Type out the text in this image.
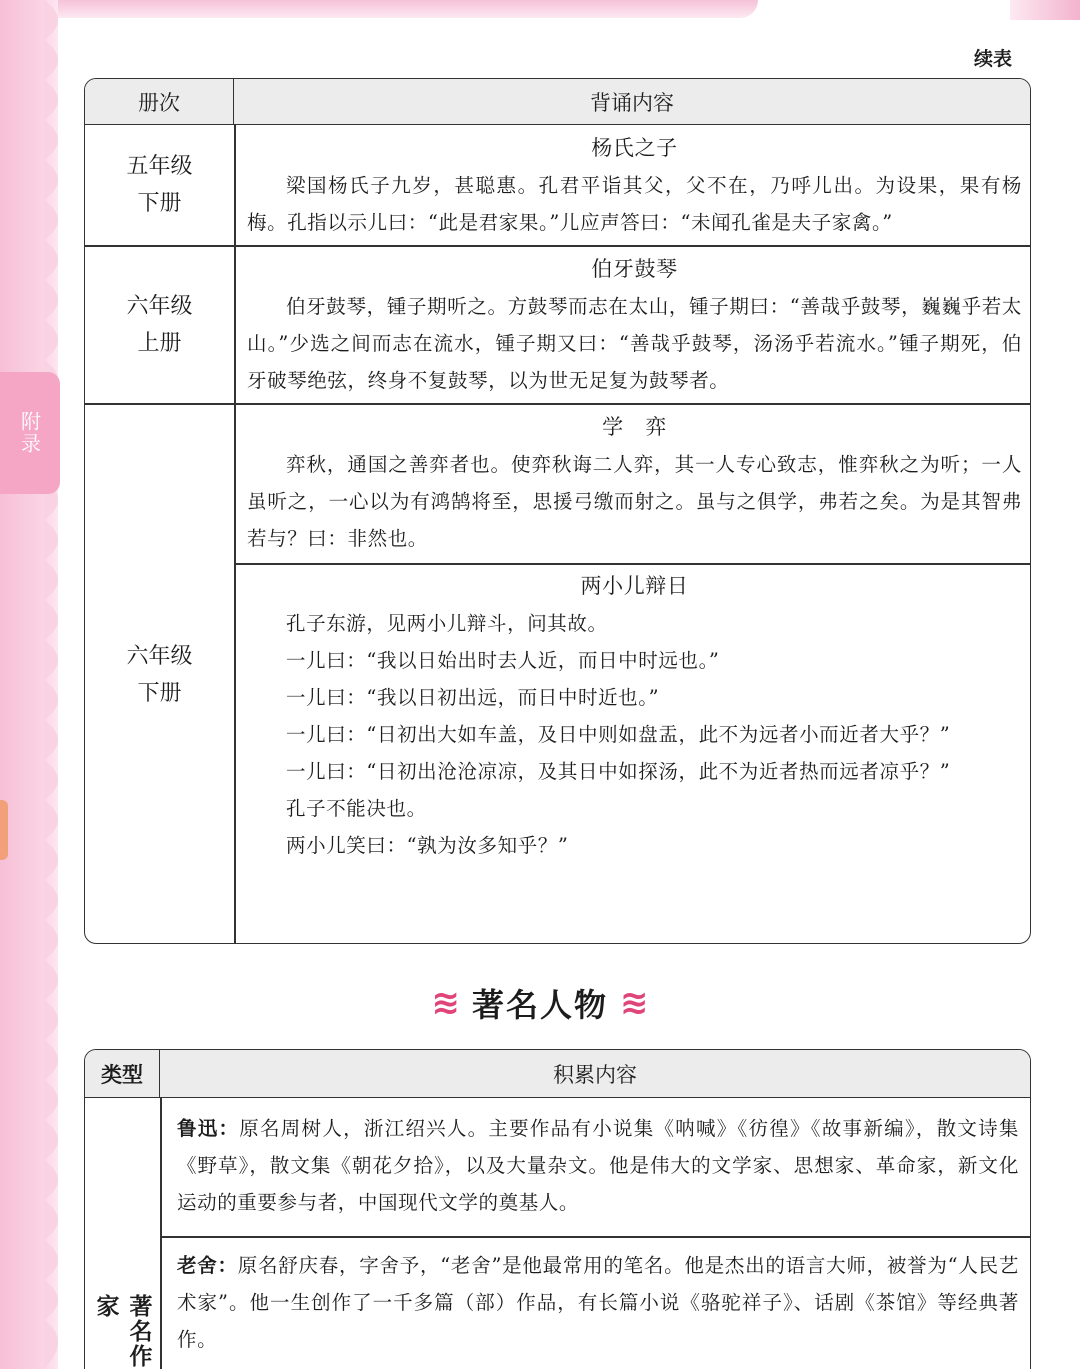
附录
续表
册次	背诵内容
五年级
下册
杨氏之子

梁国杨氏子九岁，甚聪惠。孔君平诣其父，父不在，乃呼儿出。为设果，果有杨梅。孔指以示儿曰：“此是君家果。”儿应声答曰：“未闻孔雀是夫子家禽。”

六年级
上册
伯牙鼓琴

伯牙鼓琴，锺子期听之。方鼓琴而志在太山，锺子期曰：“善哉乎鼓琴，巍巍乎若太山。”少选之间而志在流水，锺子期又曰：“善哉乎鼓琴，汤汤乎若流水。”锺子期死，伯牙破琴绝弦，终身不复鼓琴，以为世无足复为鼓琴者。

六年级
下册
学　弈

弈秋，通国之善弈者也。使弈秋诲二人弈，其一人专心致志，惟弈秋之为听；一人虽听之，一心以为有鸿鹄将至，思援弓缴而射之。虽与之俱学，弗若之矣。为是其智弗若与？曰：非然也。

两小儿辩日

孔子东游，见两小儿辩斗，问其故。

一儿曰：“我以日始出时去人近，而日中时远也。”

一儿曰：“我以日初出远，而日中时近也。”

一儿曰：“日初出大如车盖，及日中则如盘盂，此不为远者小而近者大乎？”

一儿曰：“日初出沧沧凉凉，及其日中如探汤，此不为近者热而远者凉乎？”

孔子不能决也。

两小儿笑曰：“孰为汝多知乎？”

≋ 著名人物 ≋
类型	积累内容
著名作家
鲁迅：原名周树人，浙江绍兴人。主要作品有小说集《呐喊》《彷徨》《故事新编》，散文诗集《野草》，散文集《朝花夕拾》，以及大量杂文。他是伟大的文学家、思想家、革命家，新文化运动的重要参与者，中国现代文学的奠基人。
老舍：原名舒庆春，字舍予，“老舍”是他最常用的笔名。他是杰出的语言大师，被誉为“人民艺术家”。他一生创作了一千多篇（部）作品，有长篇小说《骆驼祥子》、话剧《茶馆》等经典著作。
